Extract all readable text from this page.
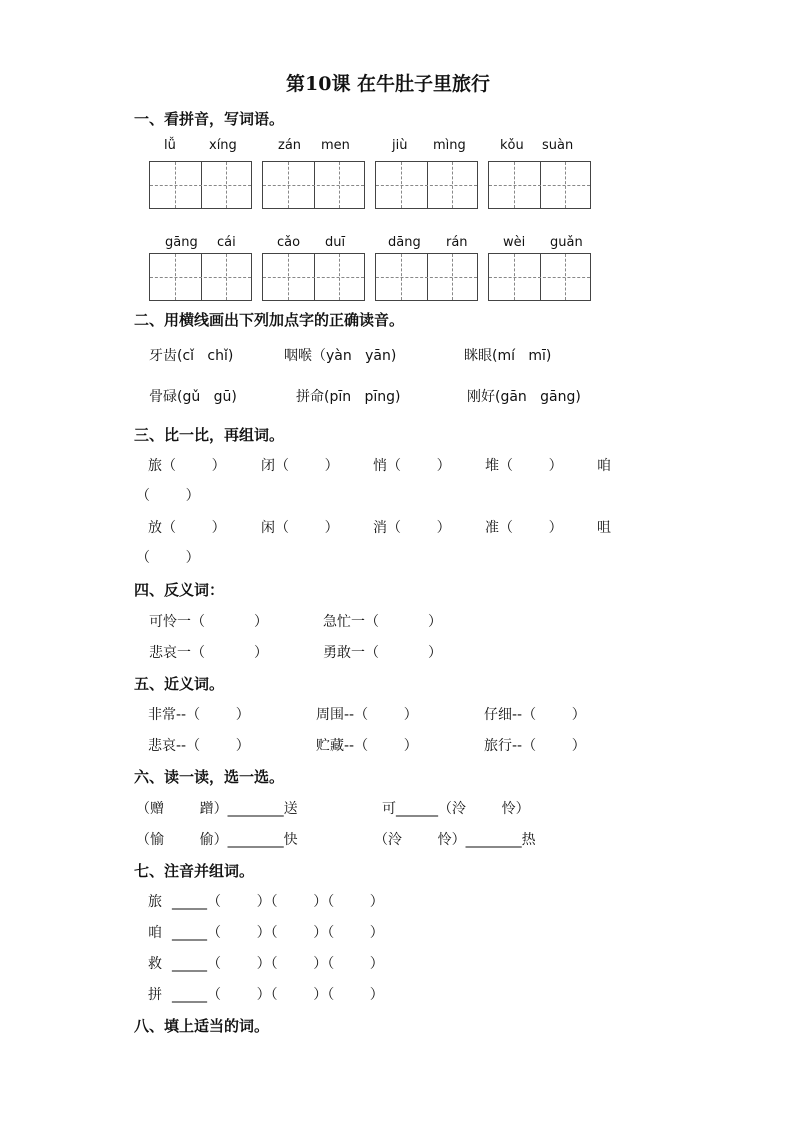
第10课 在牛肚子里旅行
一、看拼音，写词语。
lǚ	xíng	zán men	jiù mìng	kǒu suàn
gāng cái	cǎo duī	dāng rán	wèi guǎn
二、用横线画出下列加点字的正确读音。
牙齿(cǐ   chǐ)	咽喉（yàn   yān)	眯眼(mí   mī)
骨碌(gǔ   gū)	拼命(pīn   pīng)	刚好(gān   gāng)
三、比一比，再组词。
旅（        ）	闭（        ） 悄（        ） 堆（        ） 咱
（        ）
放（        ）	闲（        ） 消（        ） 准（        ） 咀
（        ）
四、反义词：
可怜一（           ）	急忙一（           ）
悲哀一（           ）	勇敢一（           ）
五、近义词。
非常--（        ）	周围--（        ）	仔细--（        ）
悲哀--（        ）	贮藏--（        ）	旅行--（        ）
六、读一读，选一选。
（赠        蹭）________送	可______（泠        怜）
（愉        偷）________快	（泠        怜）________热
七、注音并组词。
旅 _____（        ）（        ）（        ）
咱 _____（        ）（        ）（        ）
救 _____（        ）（        ）（        ）
拼 _____（        ）（        ）（        ）
八、填上适当的词。
